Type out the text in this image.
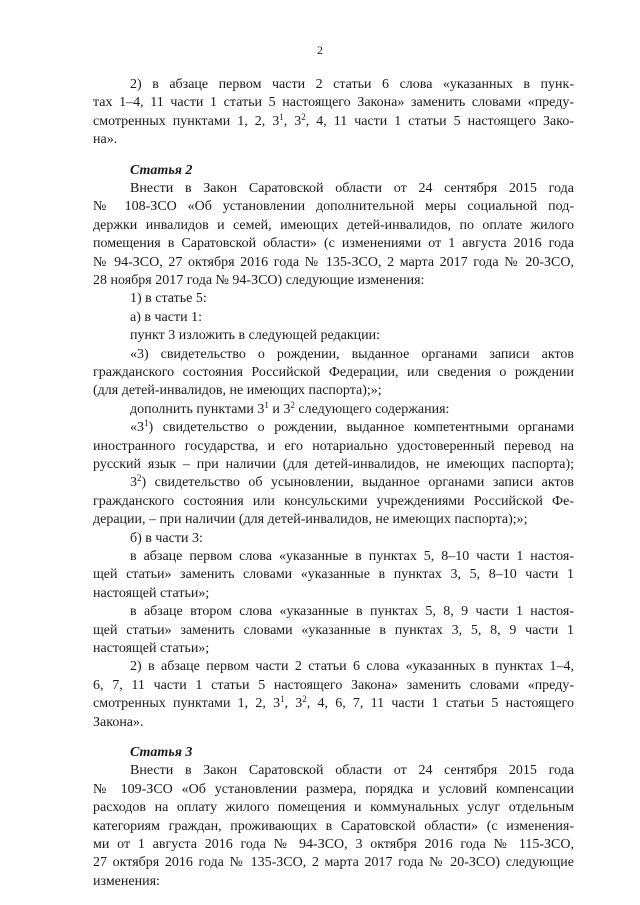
2
2) в абзаце первом части 2 статьи 6 слова «указанных в пунк-
тах 1–4, 11 части 1 статьи 5 настоящего Закона» заменить словами «преду-
смотренных пунктами 1, 2, $3^1$, $3^2$, 4, 11 части 1 статьи 5 настоящего Зако-
на».
Статья 2
Внести в Закон Саратовской области от 24 сентября 2015 года
№ 108-ЗСО «Об установлении дополнительной меры социальной под-
держки инвалидов и семей, имеющих детей-инвалидов, по оплате жилого
помещения в Саратовской области» (с изменениями от 1 августа 2016 года
№ 94-ЗСО, 27 октября 2016 года № 135-ЗСО, 2 марта 2017 года № 20-ЗСО,
28 ноября 2017 года № 94-ЗСО) следующие изменения:
1) в статье 5:
а) в части 1:
пункт 3 изложить в следующей редакции:
«3) свидетельство о рождении, выданное органами записи актов
гражданского состояния Российской Федерации, или сведения о рождении
(для детей-инвалидов, не имеющих паспорта);»;
дополнить пунктами $3^1$ и $3^2$ следующего содержания:
«$3^1$) свидетельство о рождении, выданное компетентными органами
иностранного государства, и его нотариально удостоверенный перевод на
русский язык – при наличии (для детей-инвалидов, не имеющих паспорта);
$3^2$) свидетельство об усыновлении, выданное органами записи актов
гражданского состояния или консульскими учреждениями Российской Фе-
дерации, – при наличии (для детей-инвалидов, не имеющих паспорта);»;
б) в части 3:
в абзаце первом слова «указанные в пунктах 5, 8–10 части 1 настоя-
щей статьи» заменить словами «указанные в пунктах 3, 5, 8–10 части 1
настоящей статьи»;
в абзаце втором слова «указанные в пунктах 5, 8, 9 части 1 настоя-
щей статьи» заменить словами «указанные в пунктах 3, 5, 8, 9 части 1
настоящей статьи»;
2) в абзаце первом части 2 статьи 6 слова «указанных в пунктах 1–4,
6, 7, 11 части 1 статьи 5 настоящего Закона» заменить словами «преду-
смотренных пунктами 1, 2, $3^1$, $3^2$, 4, 6, 7, 11 части 1 статьи 5 настоящего
Закона».
Статья 3
Внести в Закон Саратовской области от 24 сентября 2015 года
№ 109-ЗСО «Об установлении размера, порядка и условий компенсации
расходов на оплату жилого помещения и коммунальных услуг отдельным
категориям граждан, проживающих в Саратовской области» (с изменения-
ми от 1 августа 2016 года № 94-ЗСО, 3 октября 2016 года № 115-ЗСО,
27 октября 2016 года № 135-ЗСО, 2 марта 2017 года № 20-ЗСО) следующие
изменения:
